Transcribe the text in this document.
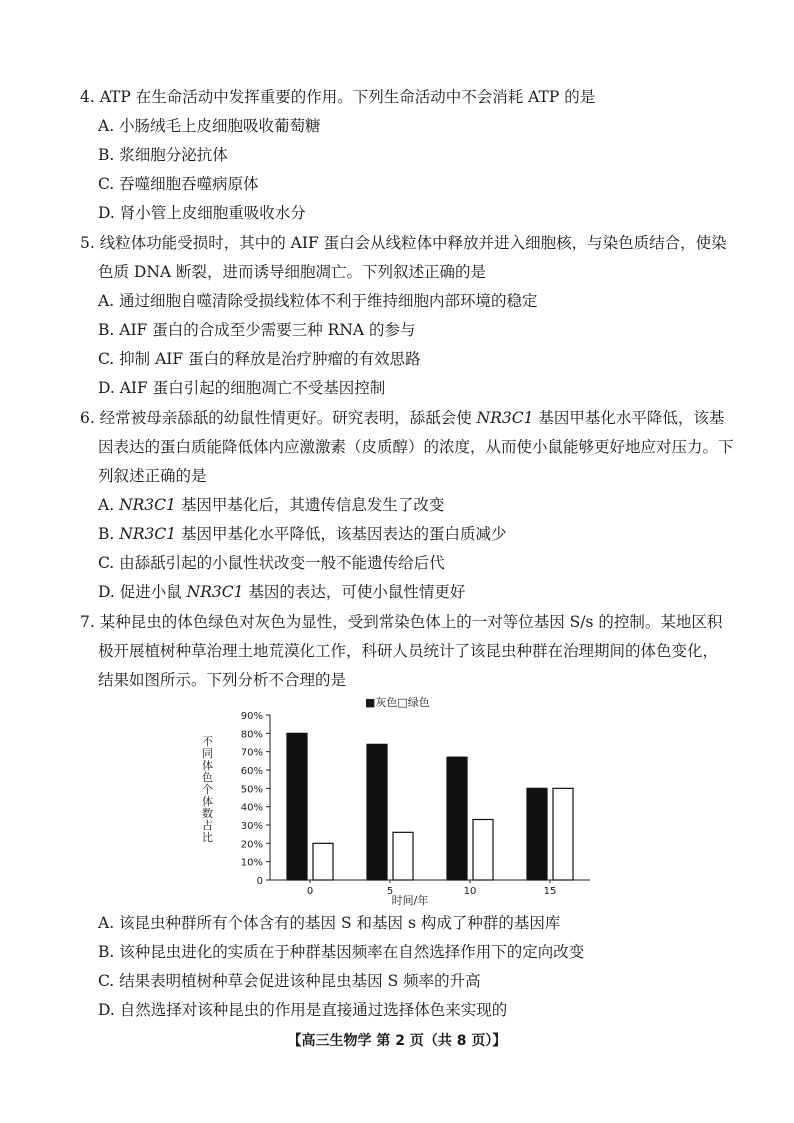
4. ATP 在生命活动中发挥重要的作用。下列生命活动中不会消耗 ATP 的是
A. 小肠绒毛上皮细胞吸收葡萄糖
B. 浆细胞分泌抗体
C. 吞噬细胞吞噬病原体
D. 肾小管上皮细胞重吸收水分
5. 线粒体功能受损时，其中的 AIF 蛋白会从线粒体中释放并进入细胞核，与染色质结合，使染
色质 DNA 断裂，进而诱导细胞凋亡。下列叙述正确的是
A. 通过细胞自噬清除受损线粒体不利于维持细胞内部环境的稳定
B. AIF 蛋白的合成至少需要三种 RNA 的参与
C. 抑制 AIF 蛋白的释放是治疗肿瘤的有效思路
D. AIF 蛋白引起的细胞凋亡不受基因控制
6. 经常被母亲舔舐的幼鼠性情更好。研究表明，舔舐会使 NR3C1 基因甲基化水平降低，该基
因表达的蛋白质能降低体内应激激素（皮质醇）的浓度，从而使小鼠能够更好地应对压力。下
列叙述正确的是
A. NR3C1 基因甲基化后，其遗传信息发生了改变
B. NR3C1 基因甲基化水平降低，该基因表达的蛋白质减少
C. 由舔舐引起的小鼠性状改变一般不能遗传给后代
D. 促进小鼠 NR3C1 基因的表达，可使小鼠性情更好
7. 某种昆虫的体色绿色对灰色为显性，受到常染色体上的一对等位基因 S/s 的控制。某地区积
极开展植树种草治理土地荒漠化工作，科研人员统计了该昆虫种群在治理期间的体色变化，
结果如图所示。下列分析不合理的是
■灰色□绿色
不同体色个体数占比
时间/年
0
10%
20%
30%
40%
50%
60%
70%
80%
90%
0	5	10	15
A. 该昆虫种群所有个体含有的基因 S 和基因 s 构成了种群的基因库
B. 该种昆虫进化的实质在于种群基因频率在自然选择作用下的定向改变
C. 结果表明植树种草会促进该种昆虫基因 S 频率的升高
D. 自然选择对该种昆虫的作用是直接通过选择体色来实现的
【高三生物学 第 2 页（共 8 页）】
